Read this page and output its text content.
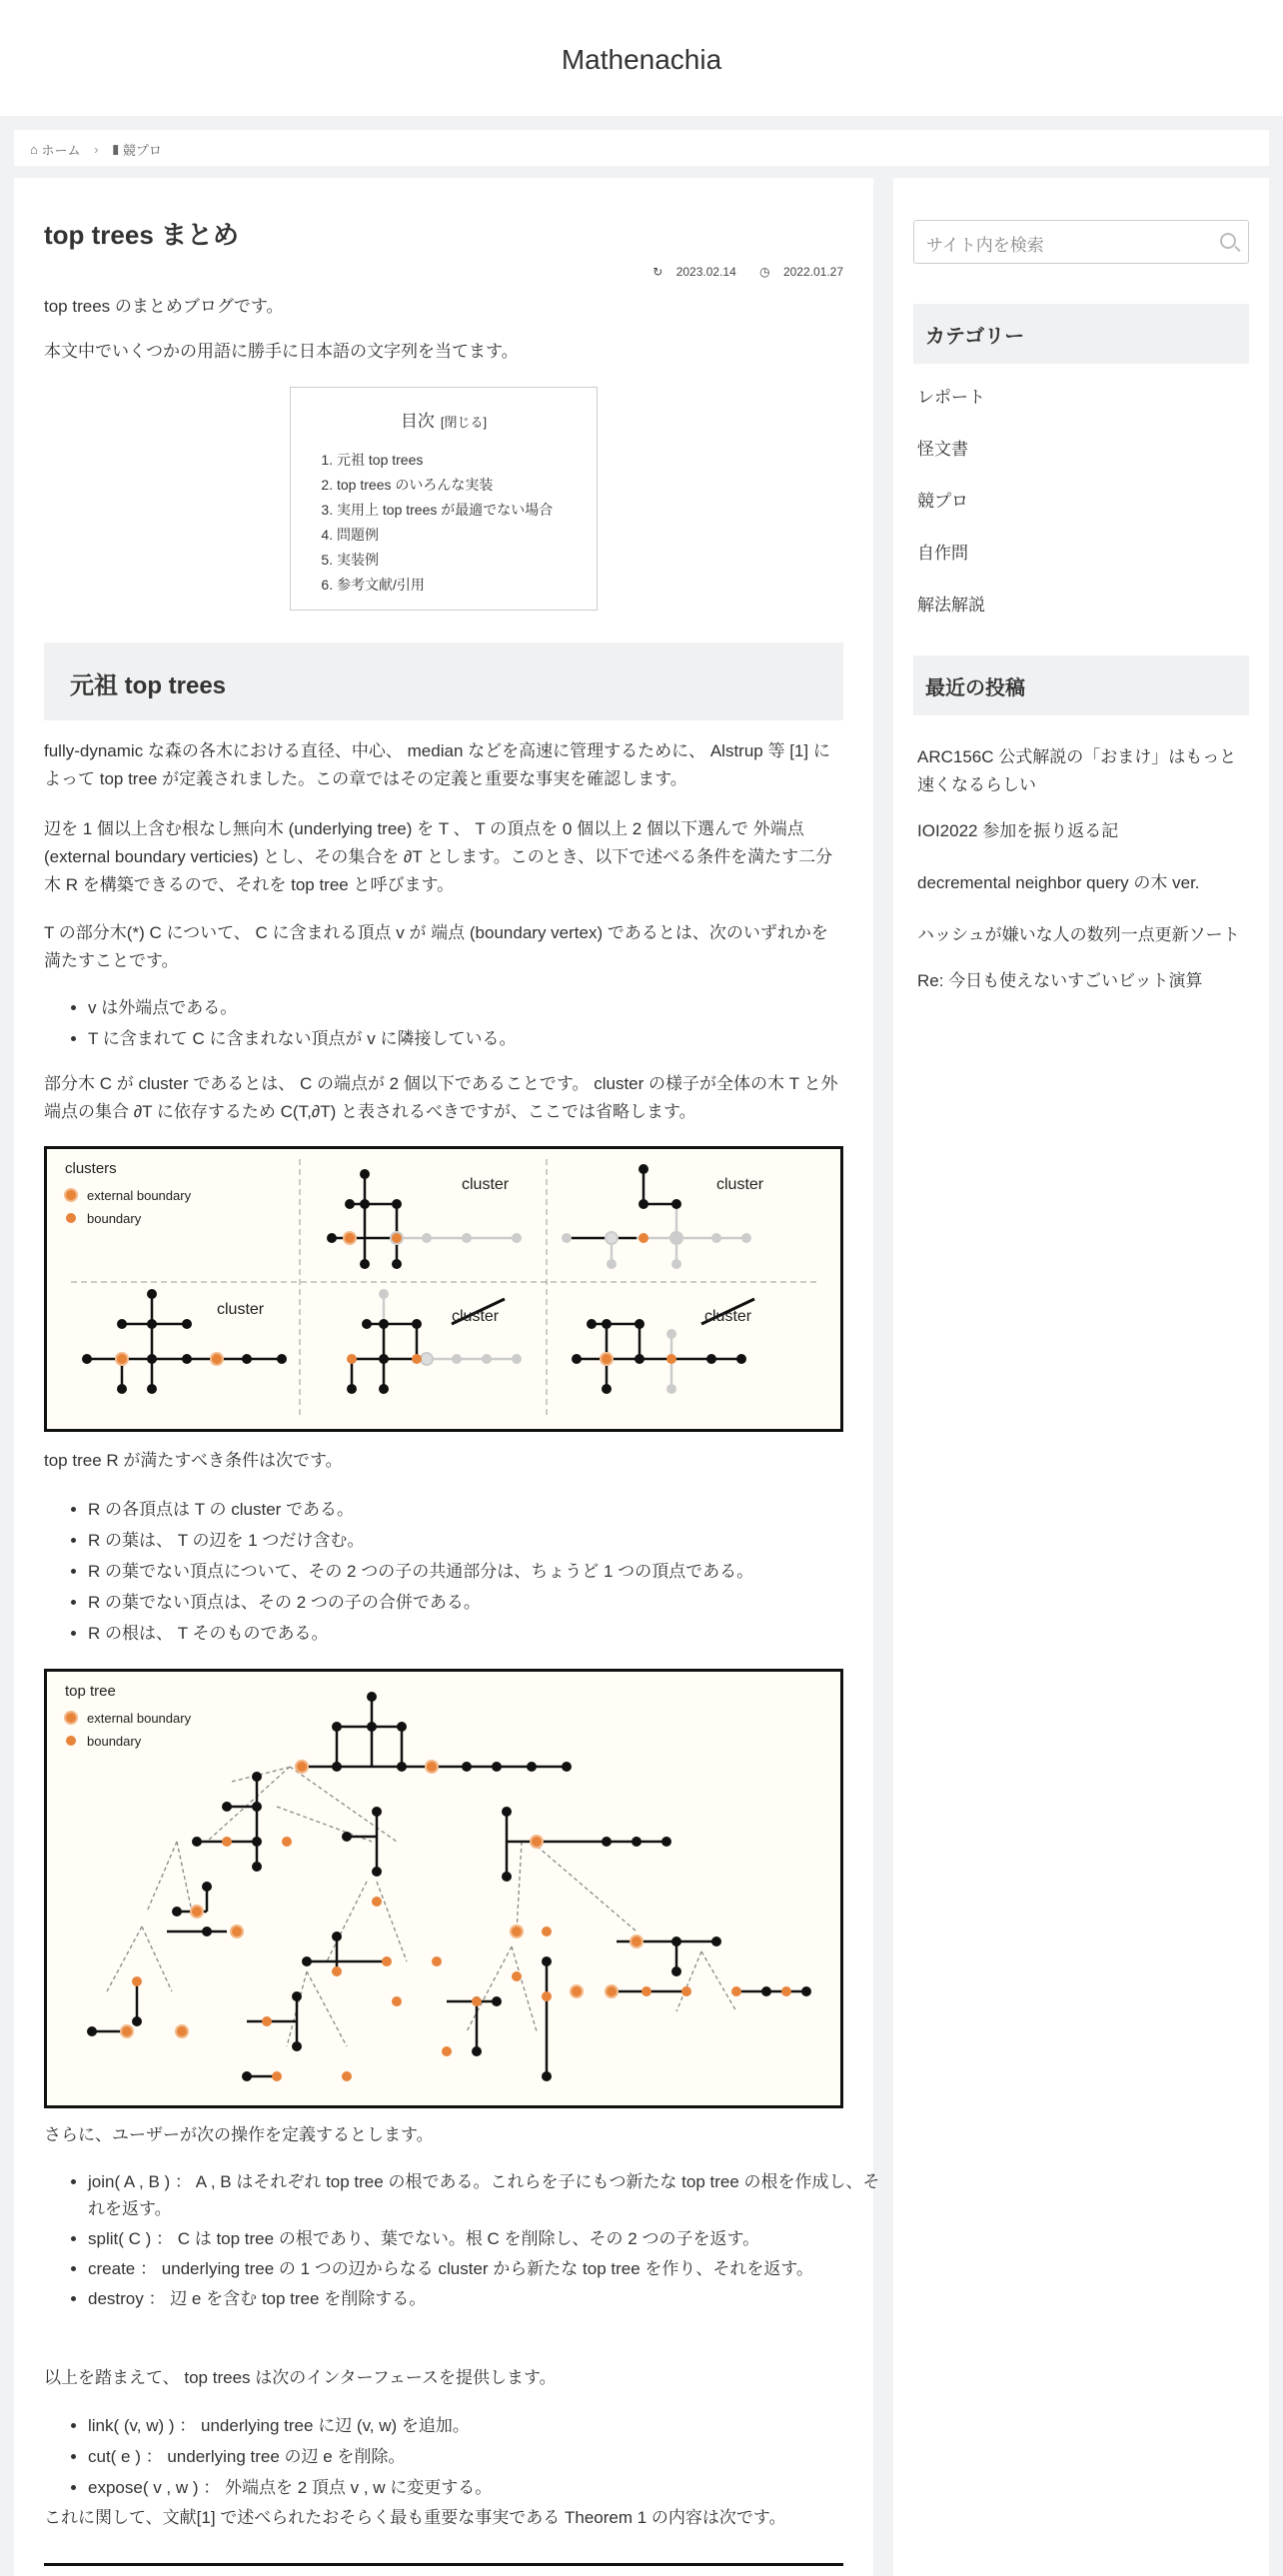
Mathenachia
⌂ ホーム › ▮ 競プロ
top trees まとめ
↻ 2023.02.14 ◷ 2022.01.27

top trees のまとめブログです。

本文中でいくつかの用語に勝手に日本語の文字列を当てます。

目次 [閉じる]
1. 元祖 top trees
2. top trees のいろんな実装
3. 実用上 top trees が最適でない場合
4. 問題例
5. 実装例
6. 参考文献/引用
元祖 top trees

fully-dynamic な森の各木における直径、中心、 median などを高速に管理するために、 Alstrup 等 [1] によって top tree が定義されました。この章ではその定義と重要な事実を確認します。

辺を 1 個以上含む根なし無向木 (underlying tree) を T 、 T の頂点を 0 個以上 2 個以下選んで 外端点 (external boundary verticies) とし、その集合を ∂T とします。このとき、以下で述べる条件を満たす二分木 R を構築できるので、それを top tree と呼びます。

T の部分木(*) C について、 C に含まれる頂点 v が 端点 (boundary vertex) であるとは、次のいずれかを満たすことです。

• v は外端点である。
• T に含まれて C に含まれない頂点が v に隣接している。

部分木 C が cluster であるとは、 C の端点が 2 個以下であることです。 cluster の様子が全体の木 T と外端点の集合 ∂T に依存するため C(T,∂T) と表されるべきですが、ここでは省略します。

clusters
external boundary
boundary
cluster	cluster
cluster	cluster	cluster

top tree R が満たすべき条件は次です。

• R の各頂点は T の cluster である。
• R の葉は、 T の辺を 1 つだけ含む。
• R の葉でない頂点について、その 2 つの子の共通部分は、ちょうど 1 つの頂点である。
• R の葉でない頂点は、その 2 つの子の合併である。
• R の根は、 T そのものである。
top tree
external boundary
boundary

さらに、ユーザーが次の操作を定義するとします。

• join( A , B ) ： A , B はそれぞれ top tree の根である。これらを子にもつ新たな top tree の根を作成し、それを返す。
• split( C ) ： C は top tree の根であり、葉でない。根 C を削除し、その 2 つの子を返す。
• create ： underlying tree の 1 つの辺からなる cluster から新たな top tree を作り、それを返す。
• destroy ： 辺 e を含む top tree を削除する。

以上を踏まえて、 top trees は次のインターフェースを提供します。

• link( (v, w) ) ： underlying tree に辺 (v, w) を追加。
• cut( e ) ： underlying tree の辺 e を削除。
• expose( v , w ) ： 外端点を 2 頂点 v , w に変更する。

これに関して、文献[1] で述べられたおそらく最も重要な事実である Theorem 1 の内容は次です。

サイト内を検索
カテゴリー
レポート
怪文書
競プロ
自作問
解法解説
最近の投稿
ARC156C 公式解説の「おまけ」はもっと速くなるらしい
IOI2022 参加を振り返る記
decremental neighbor query の木 ver.
ハッシュが嫌いな人の数列一点更新ソート
Re: 今日も使えないすごいビット演算
